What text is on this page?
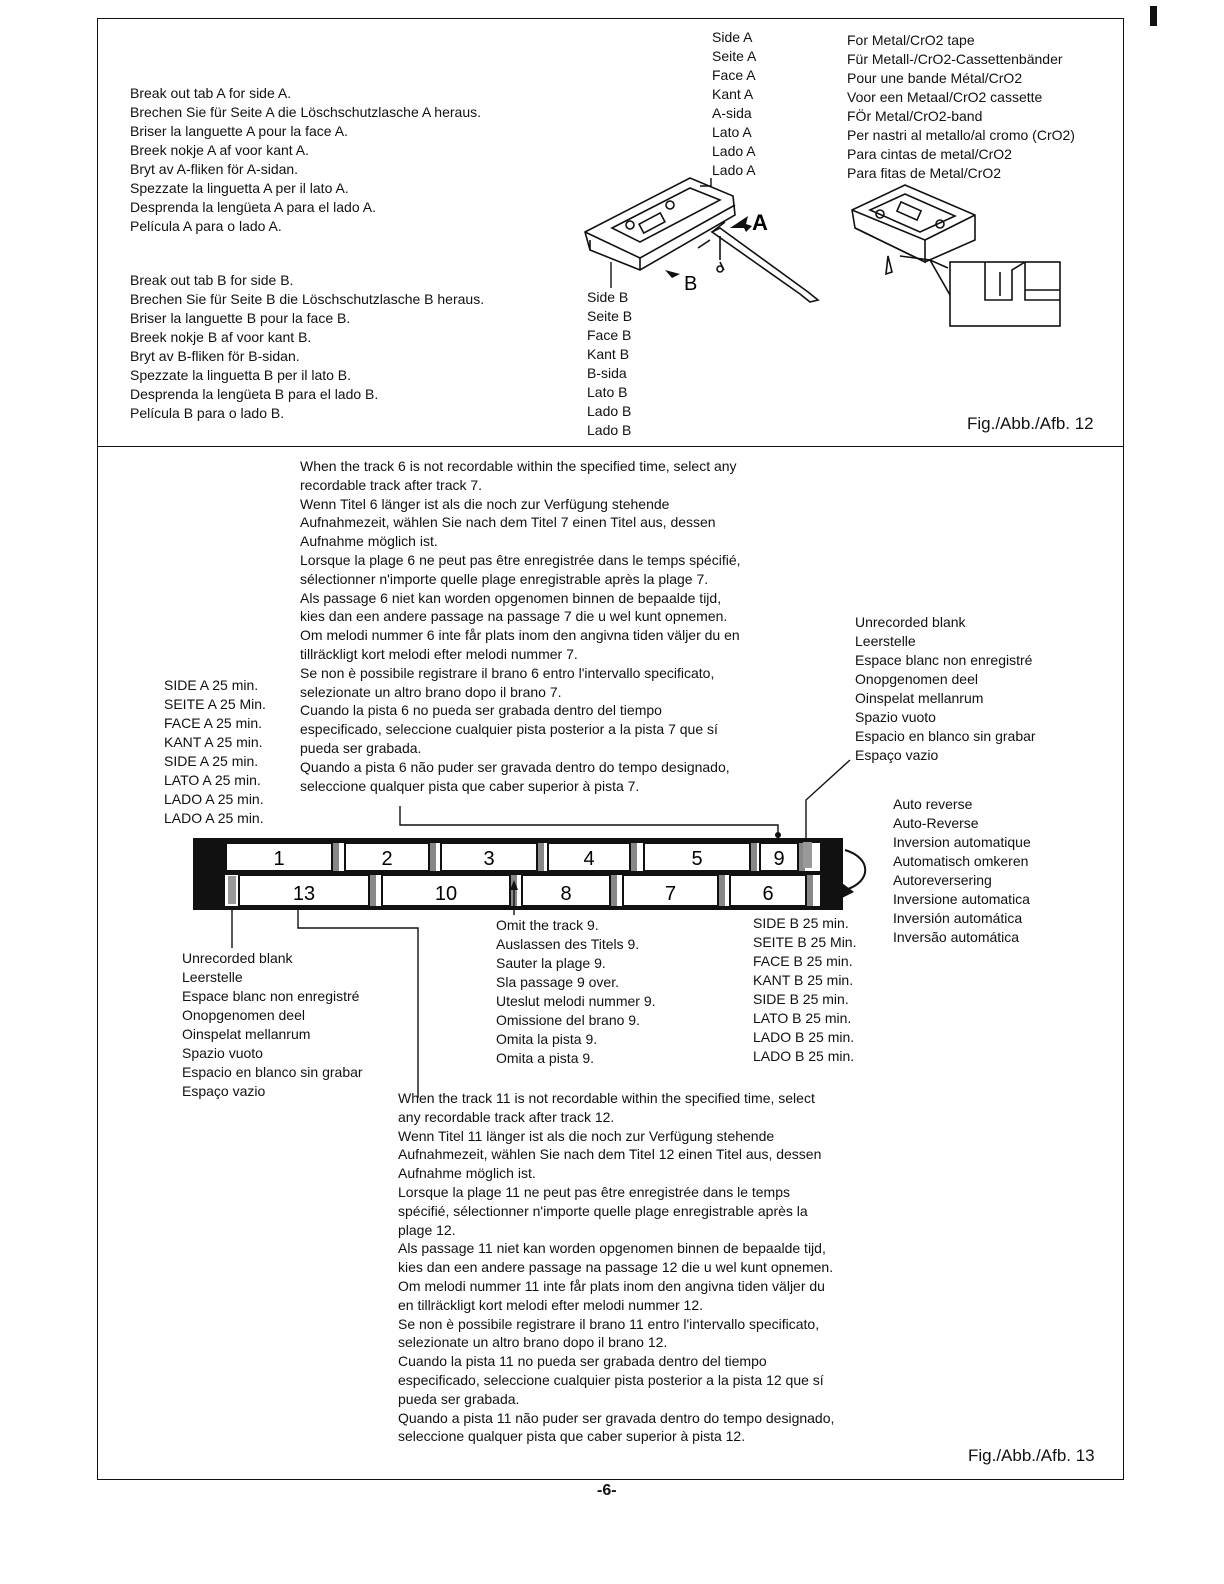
Break out tab A for side A.
Brechen Sie für Seite A die Löschschutzlasche A heraus.
Briser la languette A pour la face A.
Breek nokje A af voor kant A.
Bryt av A-fliken för A-sidan.
Spezzate la linguetta A per il lato A.
Desprenda la lengüeta A para el lado A.
Película A para o lado A.
Break out tab B for side B.
Brechen Sie für Seite B die Löschschutzlasche B heraus.
Briser la languette B pour la face B.
Breek nokje B af voor kant B.
Bryt av B-fliken för B-sidan.
Spezzate la linguetta B per il lato B.
Desprenda la lengüeta B para el lado B.
Película B para o lado B.
Side A
Seite A
Face A
Kant A
A-sida
Lato A
Lado A
Lado A
Side B
Seite B
Face B
Kant B
B-sida
Lato B
Lado B
Lado B
For Metal/CrO2 tape
Für Metall-/CrO2-Cassettenbänder
Pour une bande Métal/CrO2
Voor een Metaal/CrO2 cassette
FÖr Metal/CrO2-band
Per nastri al metallo/al cromo (CrO2)
Para cintas de metal/CrO2
Para fitas de Metal/CrO2
Fig./Abb./Afb. 12
When the track 6 is not recordable within the specified time, select any
recordable track after track 7.
Wenn Titel 6 länger ist als die noch zur Verfügung stehende
Aufnahmezeit, wählen Sie nach dem Titel 7 einen Titel aus, dessen
Aufnahme möglich ist.
Lorsque la plage 6 ne peut pas être enregistrée dans le temps spécifié,
sélectionner n'importe quelle plage enregistrable après la plage 7.
Als passage 6 niet kan worden opgenomen binnen de bepaalde tijd,
kies dan een andere passage na passage 7 die u wel kunt opnemen.
Om melodi nummer 6 inte får plats inom den angivna tiden väljer du en
tillräckligt kort melodi efter melodi nummer 7.
Se non è possibile registrare il brano 6 entro l'intervallo specificato,
selezionate un altro brano dopo il brano 7.
Cuando la pista 6 no pueda ser grabada dentro del tiempo
especificado, seleccione cualquier pista posterior a la pista 7 que sí
pueda ser grabada.
Quando a pista 6 não puder ser gravada dentro do tempo designado,
seleccione qualquer pista que caber superior à pista 7.
SIDE A 25 min.
SEITE A 25 Min.
FACE A 25 min.
KANT A 25 min.
SIDE A 25 min.
LATO A 25 min.
LADO A 25 min.
LADO A 25 min.
Unrecorded blank
Leerstelle
Espace blanc non enregistré
Onopgenomen deel
Oinspelat mellanrum
Spazio vuoto
Espacio en blanco sin grabar
Espaço vazio
Auto reverse
Auto-Reverse
Inversion automatique
Automatisch omkeren
Autoreversering
Inversione automatica
Inversión automática
Inversão automática
Unrecorded blank
Leerstelle
Espace blanc non enregistré
Onopgenomen deel
Oinspelat mellanrum
Spazio vuoto
Espacio en blanco sin grabar
Espaço vazio
Omit the track 9.
Auslassen des Titels 9.
Sauter la plage 9.
Sla passage 9 over.
Uteslut melodi nummer 9.
Omissione del brano 9.
Omita la pista 9.
Omita a pista 9.
SIDE B 25 min.
SEITE B 25 Min.
FACE B 25 min.
KANT B 25 min.
SIDE B 25 min.
LATO B 25 min.
LADO B 25 min.
LADO B 25 min.
When the track 11 is not recordable within the specified time, select
any recordable track after track 12.
Wenn Titel 11 länger ist als die noch zur Verfügung stehende
Aufnahmezeit, wählen Sie nach dem Titel 12 einen Titel aus, dessen
Aufnahme möglich ist.
Lorsque la plage 11 ne peut pas être enregistrée dans le temps
spécifié, sélectionner n'importe quelle plage enregistrable après la
plage 12.
Als passage 11 niet kan worden opgenomen binnen de bepaalde tijd,
kies dan een andere passage na passage 12 die u wel kunt opnemen.
Om melodi nummer 11 inte får plats inom den angivna tiden väljer du
en tillräckligt kort melodi efter melodi nummer 12.
Se non è possibile registrare il brano 11 entro l'intervallo specificato,
selezionate un altro brano dopo il brano 12.
Cuando la pista 11 no pueda ser grabada dentro del tiempo
especificado, seleccione cualquier pista posterior a la pista 12 que sí
pueda ser grabada.
Quando a pista 11 não puder ser gravada dentro do tempo designado,
seleccione qualquer pista que caber superior à pista 12.
Fig./Abb./Afb. 13
-6-
A
B
1	2	3	4	5	9
13	10	8	7	6
